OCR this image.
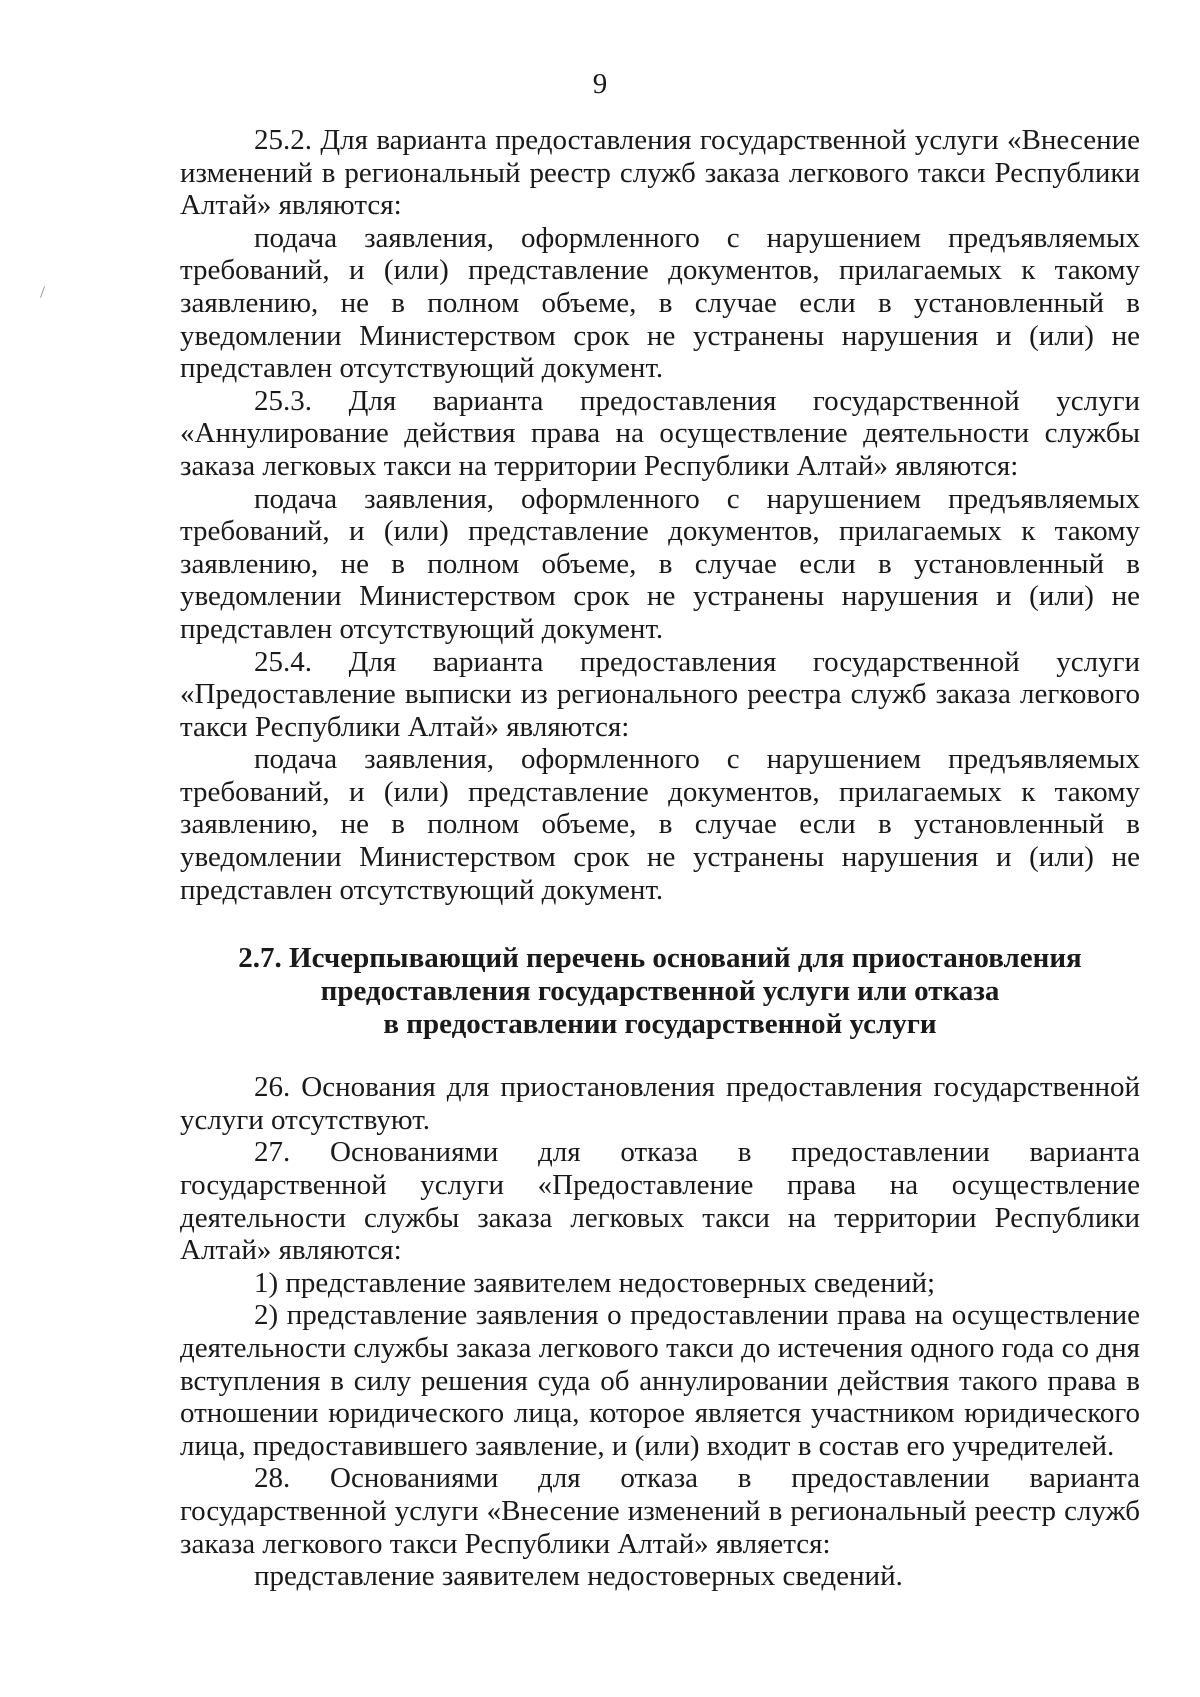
9

25.2. Для варианта предоставления государственной услуги «Внесение изменений в региональный реестр служб заказа легкового такси Республики Алтай» являются:

подача заявления, оформленного с нарушением предъявляемых требований, и (или) представление документов, прилагаемых к такому заявлению, не в полном объеме, в случае если в установленный в уведомлении Министерством срок не устранены нарушения и (или) не представлен отсутствующий документ.

25.3. Для варианта предоставления государственной услуги «Аннулирование действия права на осуществление деятельности службы заказа легковых такси на территории Республики Алтай» являются:

подача заявления, оформленного с нарушением предъявляемых требований, и (или) представление документов, прилагаемых к такому заявлению, не в полном объеме, в случае если в установленный в уведомлении Министерством срок не устранены нарушения и (или) не представлен отсутствующий документ.

25.4. Для варианта предоставления государственной услуги «Предоставление выписки из регионального реестра служб заказа легкового такси Республики Алтай» являются:

подача заявления, оформленного с нарушением предъявляемых требований, и (или) представление документов, прилагаемых к такому заявлению, не в полном объеме, в случае если в установленный в уведомлении Министерством срок не устранены нарушения и (или) не представлен отсутствующий документ.

2.7. Исчерпывающий перечень оснований для приостановления
предоставления государственной услуги или отказа
в предоставлении государственной услуги

26. Основания для приостановления предоставления государственной услуги отсутствуют.

27. Основаниями для отказа в предоставлении варианта государственной услуги «Предоставление права на осуществление деятельности службы заказа легковых такси на территории Республики Алтай» являются:

1) представление заявителем недостоверных сведений;

2) представление заявления о предоставлении права на осуществление деятельности службы заказа легкового такси до истечения одного года со дня вступления в силу решения суда об аннулировании действия такого права в отношении юридического лица, которое является участником юридического лица, предоставившего заявление, и (или) входит в состав его учредителей.

28. Основаниями для отказа в предоставлении варианта государственной услуги «Внесение изменений в региональный реестр служб заказа легкового такси Республики Алтай» является:

представление заявителем недостоверных сведений.
